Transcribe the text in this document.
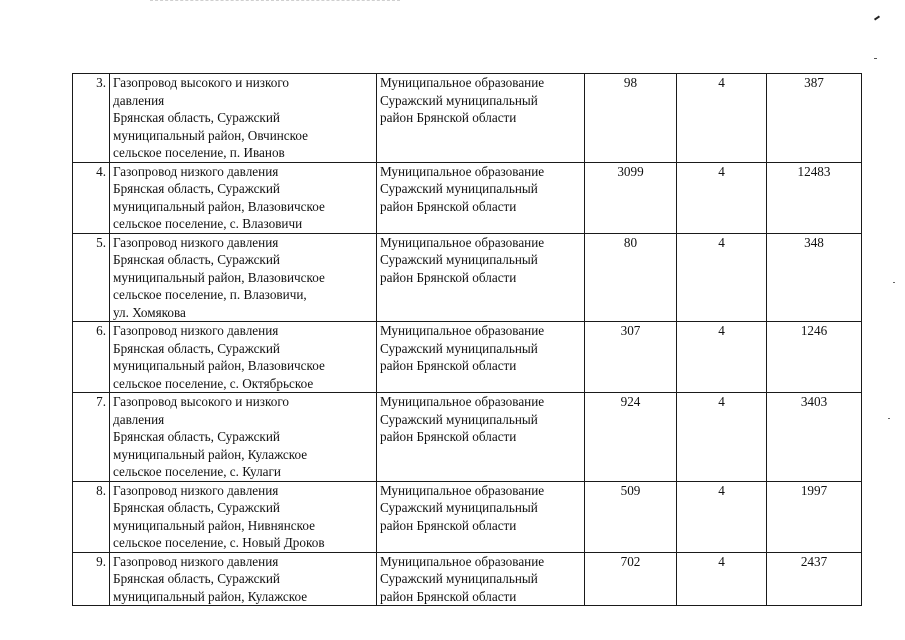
3.	Газопровод высокого и низкого
давления
Брянская область, Суражский
муниципальный район, Овчинское
сельское поселение, п. Иванов	Муниципальное образование
Суражский муниципальный
район Брянской области	98	4	387
4.	Газопровод низкого давления
Брянская область, Суражский
муниципальный район, Влазовичское
сельское поселение, с. Влазовичи	Муниципальное образование
Суражский муниципальный
район Брянской области	3099	4	12483
5.	Газопровод низкого давления
Брянская область, Суражский
муниципальный район, Влазовичское
сельское поселение, п. Влазовичи,
ул. Хомякова	Муниципальное образование
Суражский муниципальный
район Брянской области	80	4	348
6.	Газопровод низкого давления
Брянская область, Суражский
муниципальный район, Влазовичское
сельское поселение, с. Октябрьское	Муниципальное образование
Суражский муниципальный
район Брянской области	307	4	1246
7.	Газопровод высокого и низкого
давления
Брянская область, Суражский
муниципальный район, Кулажское
сельское поселение, с. Кулаги	Муниципальное образование
Суражский муниципальный
район Брянской области	924	4	3403
8.	Газопровод низкого давления
Брянская область, Суражский
муниципальный район, Нивнянское
сельское поселение, с. Новый Дроков	Муниципальное образование
Суражский муниципальный
район Брянской области	509	4	1997
9.	Газопровод низкого давления
Брянская область, Суражский
муниципальный район, Кулажское	Муниципальное образование
Суражский муниципальный
район Брянской области	702	4	2437
